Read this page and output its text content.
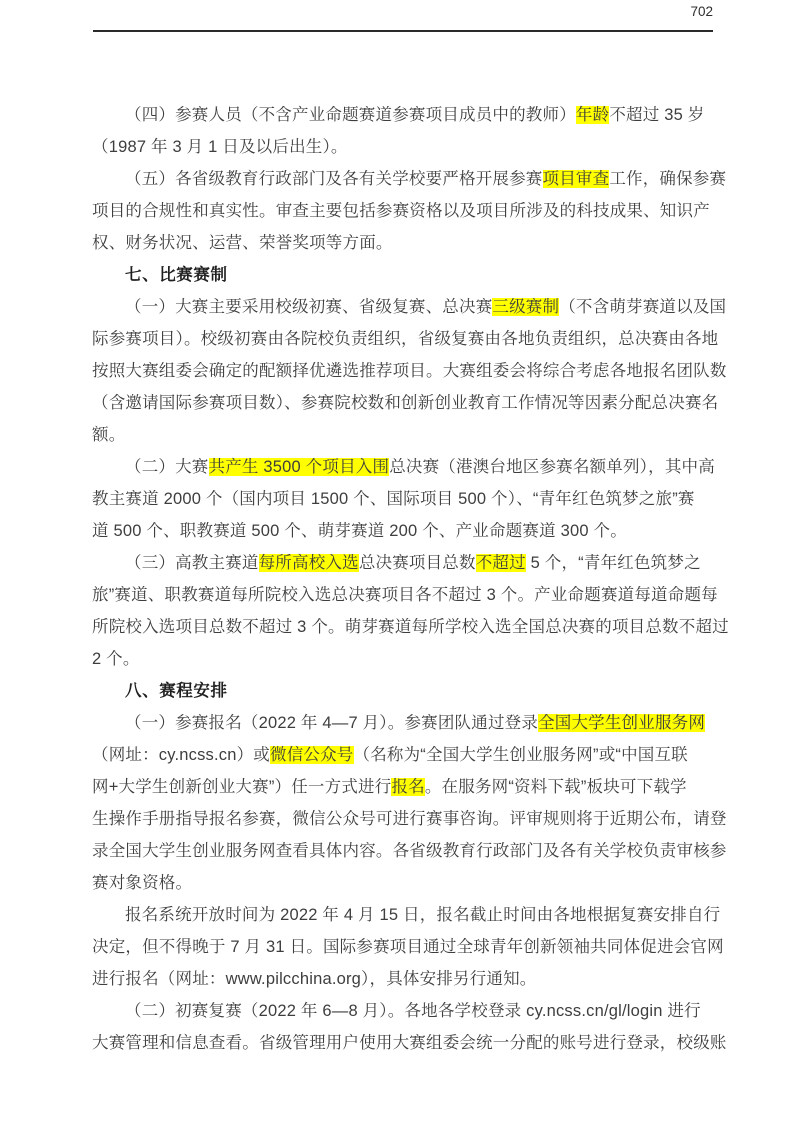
702
（四）参赛人员（不含产业命题赛道参赛项目成员中的教师）年龄不超过 35 岁
（1987 年 3 月 1 日及以后出生）。
（五）各省级教育行政部门及各有关学校要严格开展参赛项目审查工作，确保参赛
项目的合规性和真实性。审查主要包括参赛资格以及项目所涉及的科技成果、知识产
权、财务状况、运营、荣誉奖项等方面。
七、比赛赛制
（一）大赛主要采用校级初赛、省级复赛、总决赛三级赛制（不含萌芽赛道以及国
际参赛项目）。校级初赛由各院校负责组织，省级复赛由各地负责组织，总决赛由各地
按照大赛组委会确定的配额择优遴选推荐项目。大赛组委会将综合考虑各地报名团队数
（含邀请国际参赛项目数）、参赛院校数和创新创业教育工作情况等因素分配总决赛名
额。
（二）大赛共产生 3500 个项目入围总决赛（港澳台地区参赛名额单列），其中高
教主赛道 2000 个（国内项目 1500 个、国际项目 500 个）、“青年红色筑梦之旅”赛
道 500 个、职教赛道 500 个、萌芽赛道 200 个、产业命题赛道 300 个。
（三）高教主赛道每所高校入选总决赛项目总数不超过 5 个，“青年红色筑梦之
旅”赛道、职教赛道每所院校入选总决赛项目各不超过 3 个。产业命题赛道每道命题每
所院校入选项目总数不超过 3 个。萌芽赛道每所学校入选全国总决赛的项目总数不超过
2 个。
八、赛程安排
（一）参赛报名（2022 年 4—7 月）。参赛团队通过登录全国大学生创业服务网
（网址：cy.ncss.cn）或微信公众号（名称为“全国大学生创业服务网”或“中国互联
网+大学生创新创业大赛”）任一方式进行报名。在服务网“资料下载”板块可下载学
生操作手册指导报名参赛，微信公众号可进行赛事咨询。评审规则将于近期公布，请登
录全国大学生创业服务网查看具体内容。各省级教育行政部门及各有关学校负责审核参
赛对象资格。
报名系统开放时间为 2022 年 4 月 15 日，报名截止时间由各地根据复赛安排自行
决定，但不得晚于 7 月 31 日。国际参赛项目通过全球青年创新领袖共同体促进会官网
进行报名（网址：www.pilcchina.org），具体安排另行通知。
（二）初赛复赛（2022 年 6—8 月）。各地各学校登录 cy.ncss.cn/gl/login 进行
大赛管理和信息查看。省级管理用户使用大赛组委会统一分配的账号进行登录，校级账
